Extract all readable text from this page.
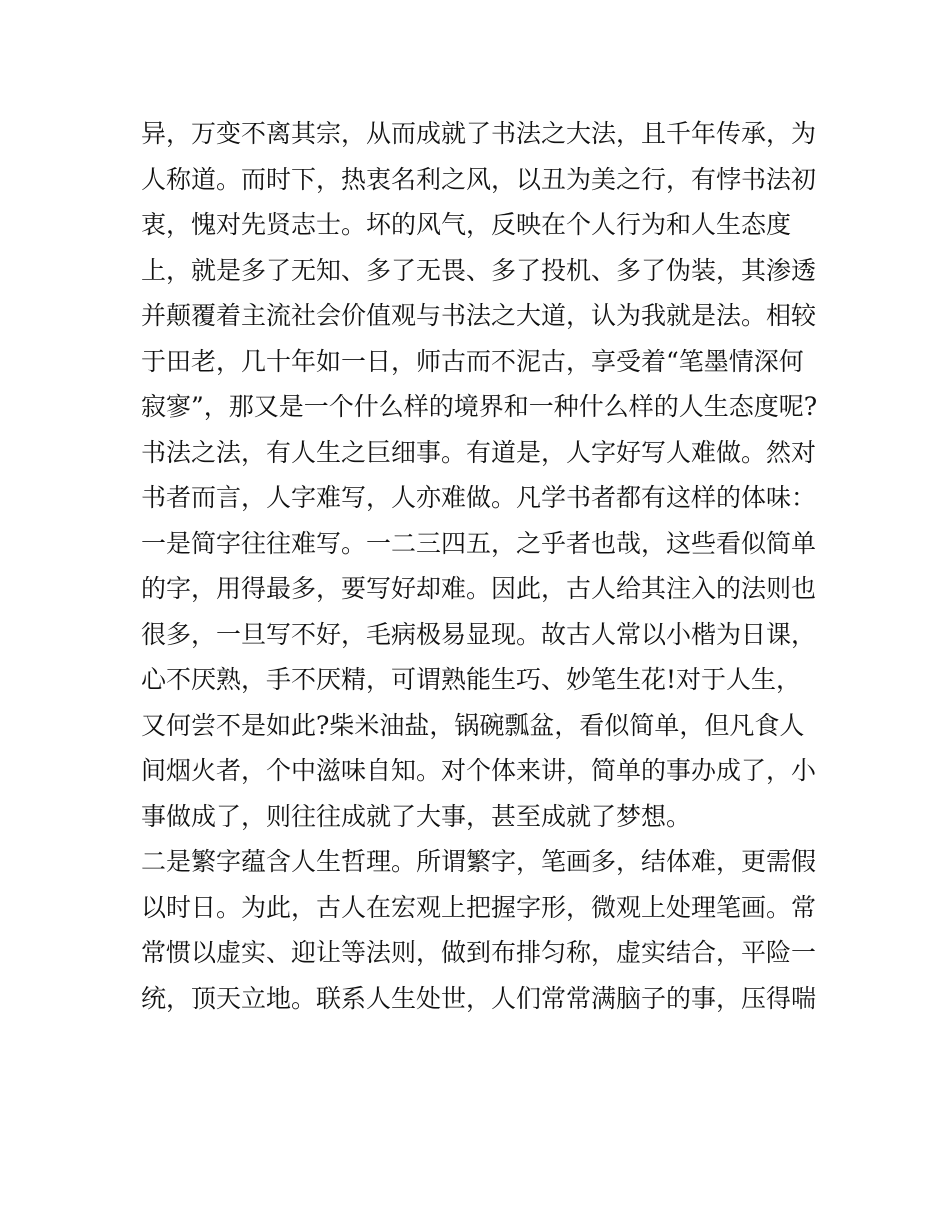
异，万变不离其宗，从而成就了书法之大法，且千年传承，为
人称道。而时下，热衷名利之风，以丑为美之行，有悖书法初
衷，愧对先贤志士。坏的风气，反映在个人行为和人生态度
上，就是多了无知、多了无畏、多了投机、多了伪装，其渗透
并颠覆着主流社会价值观与书法之大道，认为我就是法。相较
于田老，几十年如一日，师古而不泥古，享受着“笔墨情深何
寂寥”，那又是一个什么样的境界和一种什么样的人生态度呢?
书法之法，有人生之巨细事。有道是，人字好写人难做。然对
书者而言，人字难写，人亦难做。凡学书者都有这样的体味：
一是简字往往难写。一二三四五，之乎者也哉，这些看似简单
的字，用得最多，要写好却难。因此，古人给其注入的法则也
很多，一旦写不好，毛病极易显现。故古人常以小楷为日课，
心不厌熟，手不厌精，可谓熟能生巧、妙笔生花!对于人生，
又何尝不是如此?柴米油盐，锅碗瓢盆，看似简单，但凡食人
间烟火者，个中滋味自知。对个体来讲，简单的事办成了，小
事做成了，则往往成就了大事，甚至成就了梦想。
二是繁字蕴含人生哲理。所谓繁字，笔画多，结体难，更需假
以时日。为此，古人在宏观上把握字形，微观上处理笔画。常
常惯以虚实、迎让等法则，做到布排匀称，虚实结合，平险一
统，顶天立地。联系人生处世，人们常常满脑子的事，压得喘
